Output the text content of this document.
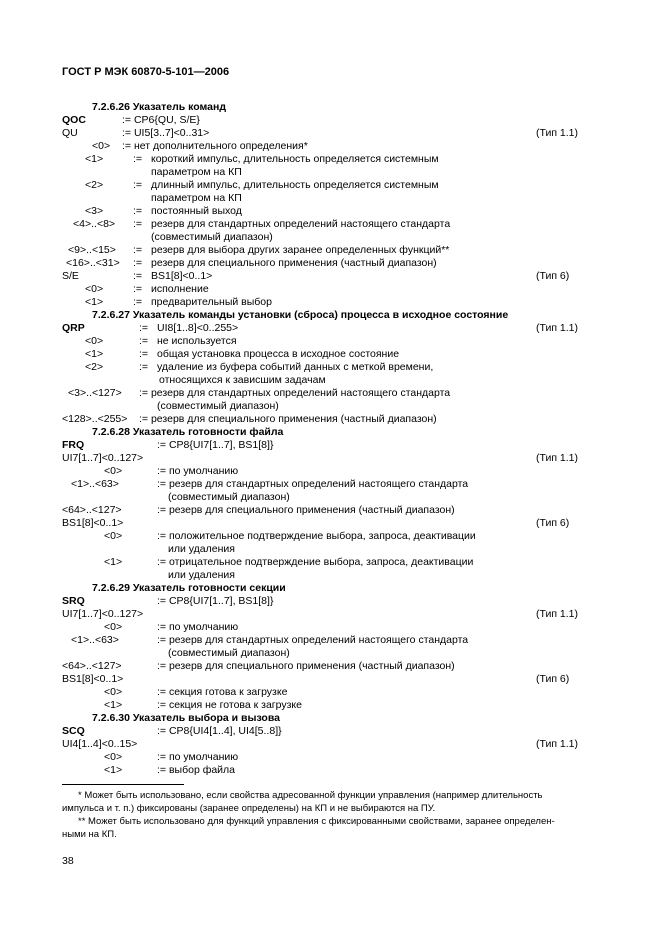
ГОСТ Р МЭК 60870-5-101—2006
7.2.6.26 Указатель команд
QOC	:= CP6{QU, S/E}
QU	:= UI5[3..7]<0..31>	(Тип 1.1)
<0> := нет дополнительного определения*
<1>	:= короткий импульс, длительность определяется системным
параметром на КП
<2>	:= длинный импульс, длительность определяется системным
параметром на КП
<3>	:= постоянный выход
<4>..<8> := резерв для стандартных определений настоящего стандарта
(совместимый диапазон)
<9>..<15> := резерв для выбора других заранее определенных функций**
<16>..<31> := резерв для специального применения (частный диапазон)
S/E	:= BS1[8]<0..1>	(Тип 6)
<0>	:= исполнение
<1>	:= предварительный выбор
7.2.6.27 Указатель команды установки (сброса) процесса в исходное состояние
QRP	:= UI8[1..8]<0..255>	(Тип 1.1)
<0>	:= не используется
<1>	:= общая установка процесса в исходное состояние
<2>	:= удаление из буфера событий данных с меткой времени,
относящихся к зависшим задачам
<3>..<127> := резерв для стандартных определений настоящего стандарта
(совместимый диапазон)
<128>..<255> := резерв для специального применения (частный диапазон)
7.2.6.28 Указатель готовности файла
FRQ	:= CP8{UI7[1..7], BS1[8]}
UI7[1..7]<0..127>	(Тип 1.1)
<0>	:= по умолчанию
<1>..<63>	:= резерв для стандартных определений настоящего стандарта
(совместимый диапазон)
<64>..<127>	:= резерв для специального применения (частный диапазон)
BS1[8]<0..1>	(Тип 6)
<0>	:= положительное подтверждение выбора, запроса, деактивации
или удаления
<1>	:= отрицательное подтверждение выбора, запроса, деактивации
или удаления
7.2.6.29 Указатель готовности секции
SRQ	:= CP8{UI7[1..7], BS1[8]}
UI7[1..7]<0..127>	(Тип 1.1)
<0>	:= по умолчанию
<1>..<63>	:= резерв для стандартных определений настоящего стандарта
(совместимый диапазон)
<64>..<127>	:= резерв для специального применения (частный диапазон)
BS1[8]<0..1>	(Тип 6)
<0>	:= секция готова к загрузке
<1>	:= секция не готова к загрузке
7.2.6.30 Указатель выбора и вызова
SCQ	:= CP8{UI4[1..4], UI4[5..8]}
UI4[1..4]<0..15>	(Тип 1.1)
<0>	:= по умолчанию
<1>	:= выбор файла
* Может быть использовано, если свойства адресованной функции управления (например длительность
импульса и т. п.) фиксированы (заранее определены) на КП и не выбираются на ПУ.
** Может быть использовано для функций управления с фиксированными свойствами, заранее определен-
ными на КП.
38
